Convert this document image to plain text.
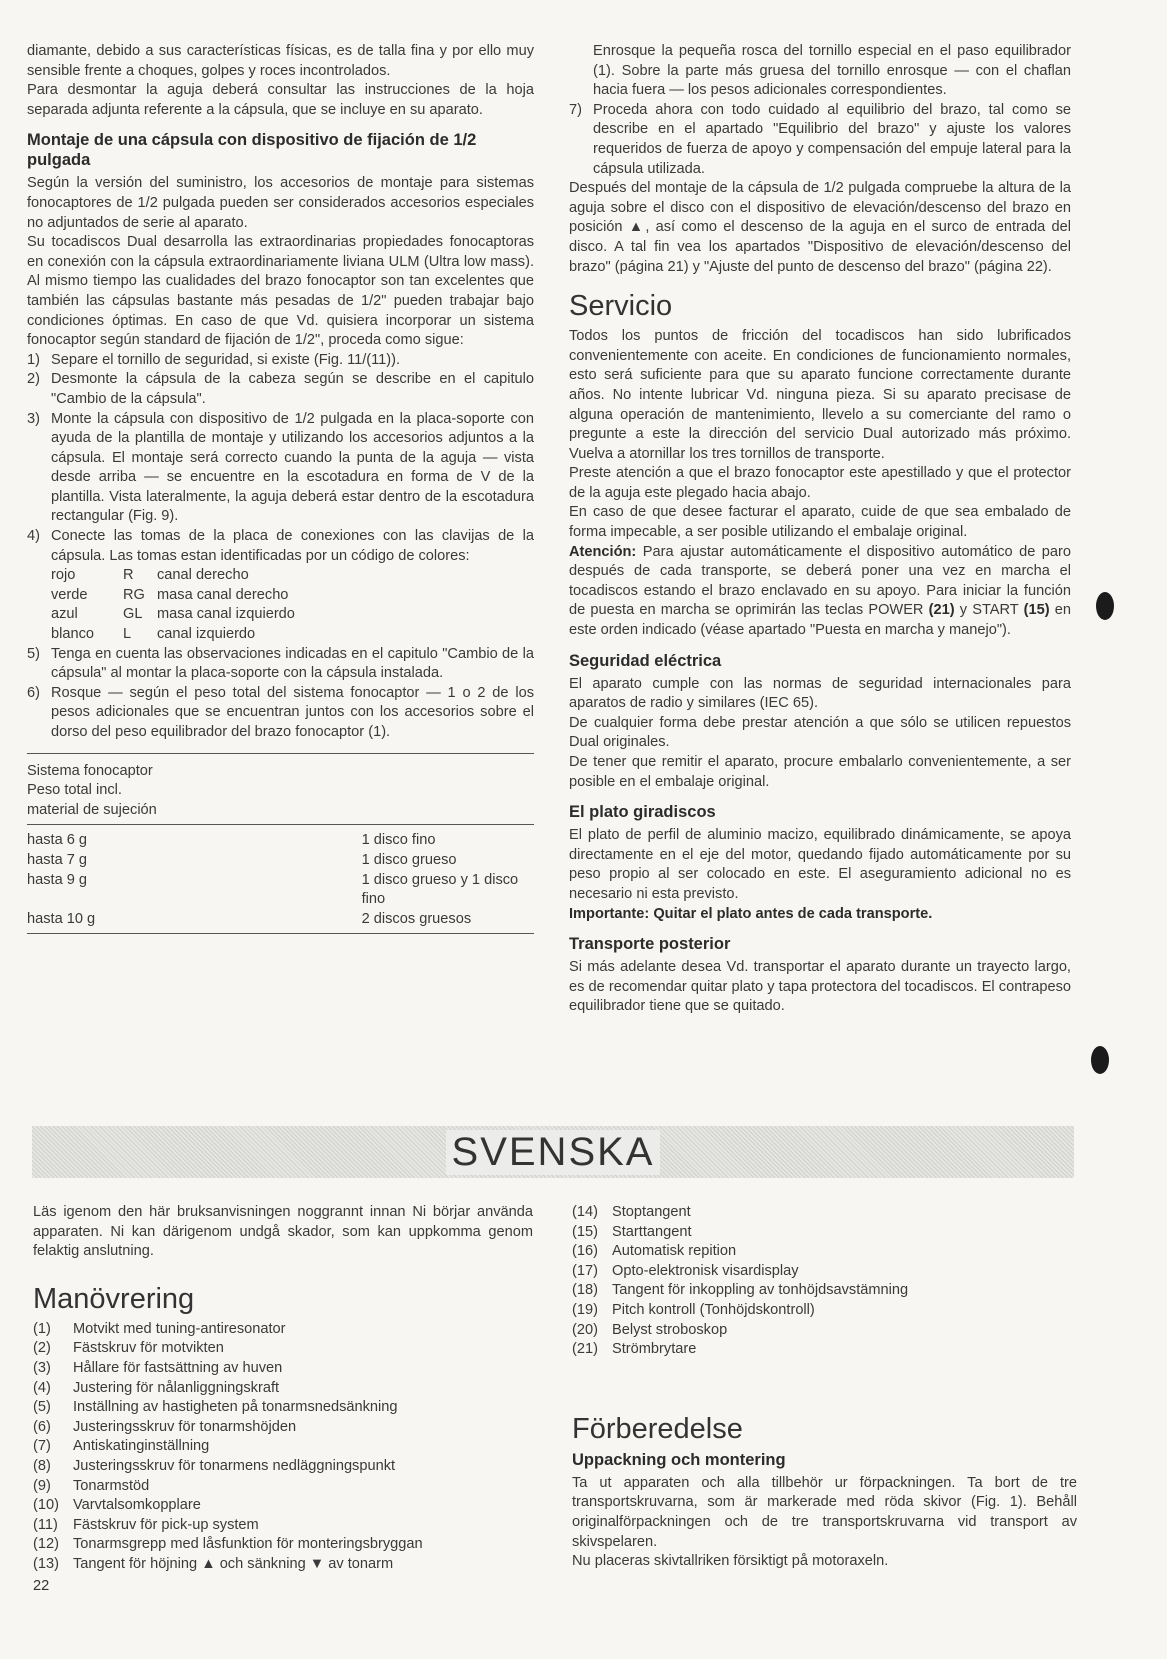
diamante, debido a sus características físicas, es de talla fina y por ello muy sensible frente a choques, golpes y roces incontrolados.

Para desmontar la aguja deberá consultar las instrucciones de la hoja separada adjunta referente a la cápsula, que se incluye en su aparato.

Montaje de una cápsula con dispositivo de fijación de 1/2 pulgada

Según la versión del suministro, los accesorios de montaje para sistemas fonocaptores de 1/2 pulgada pueden ser considerados accesorios especiales no adjuntados de serie al aparato.

Su tocadiscos Dual desarrolla las extraordinarias propiedades fonocaptoras en conexión con la cápsula extraordinariamente liviana ULM (Ultra low mass). Al mismo tiempo las cualidades del brazo fonocaptor son tan excelentes que también las cápsulas bastante más pesadas de 1/2" pueden trabajar bajo condiciones óptimas. En caso de que Vd. quisiera incorporar un sistema fonocaptor según standard de fijación de 1/2", proceda como sigue:

1) Separe el tornillo de seguridad, si existe (Fig. 11/(11)).
2) Desmonte la cápsula de la cabeza según se describe en el capitulo "Cambio de la cápsula".
3) Monte la cápsula con dispositivo de 1/2 pulgada en la placa-soporte con ayuda de la plantilla de montaje y utilizando los accesorios adjuntos a la cápsula. El montaje será correcto cuando la punta de la aguja — vista desde arriba — se encuentre en la escotadura en forma de V de la plantilla. Vista lateralmente, la aguja deberá estar dentro de la escotadura rectangular (Fig. 9).
4) Conecte las tomas de la placa de conexiones con las clavijas de la cápsula. Las tomas estan identificadas por un código de colores:
rojo	R	canal derecho
verde	RG masa canal derecho
azul	GL masa canal izquierdo
blanco	L	canal izquierdo
5) Tenga en cuenta las observaciones indicadas en el capitulo "Cambio de la cápsula" al montar la placa-soporte con la cápsula instalada.
6) Rosque — según el peso total del sistema fonocaptor — 1 o 2 de los pesos adicionales que se encuentran juntos con los accesorios sobre el dorso del peso equilibrador del brazo fonocaptor (1).
Sistema fonocaptor
Peso total incl.
material de sujeción	

hasta 6 g	1 disco fino
hasta 7 g	1 disco grueso
hasta 9 g	1 disco grueso y 1 disco fino
hasta 10 g	2 discos gruesos

Enrosque la pequeña rosca del tornillo especial en el paso equilibrador (1). Sobre la parte más gruesa del tornillo enrosque — con el chaflan hacia fuera — los pesos adicionales correspondientes.

7) Proceda ahora con todo cuidado al equilibrio del brazo, tal como se describe en el apartado "Equilibrio del brazo" y ajuste los valores requeridos de fuerza de apoyo y compensación del empuje lateral para la cápsula utilizada.

Después del montaje de la cápsula de 1/2 pulgada compruebe la altura de la aguja sobre el disco con el dispositivo de elevación/descenso del brazo en posición ▲, así como el descenso de la aguja en el surco de entrada del disco. A tal fin vea los apartados "Dispositivo de elevación/descenso del brazo" (página 21) y "Ajuste del punto de descenso del brazo" (página 22).

Servicio

Todos los puntos de fricción del tocadiscos han sido lubrificados convenientemente con aceite. En condiciones de funcionamiento normales, esto será suficiente para que su aparato funcione correctamente durante años. No intente lubricar Vd. ninguna pieza. Si su aparato precisase de alguna operación de mantenimiento, llevelo a su comerciante del ramo o pregunte a este la dirección del servicio Dual autorizado más próximo. Vuelva a atornillar los tres tornillos de transporte.

Preste atención a que el brazo fonocaptor este apestillado y que el protector de la aguja este plegado hacia abajo.

En caso de que desee facturar el aparato, cuide de que sea embalado de forma impecable, a ser posible utilizando el embalaje original.

Atención: Para ajustar automáticamente el dispositivo automático de paro después de cada transporte, se deberá poner una vez en marcha el tocadiscos estando el brazo enclavado en su apoyo. Para iniciar la función de puesta en marcha se oprimirán las teclas POWER (21) y START (15) en este orden indicado (véase apartado "Puesta en marcha y manejo").

Seguridad eléctrica

El aparato cumple con las normas de seguridad internacionales para aparatos de radio y similares (IEC 65).

De cualquier forma debe prestar atención a que sólo se utilicen repuestos Dual originales.

De tener que remitir el aparato, procure embalarlo convenientemente, a ser posible en el embalaje original.

El plato giradiscos

El plato de perfil de aluminio macizo, equilibrado dinámicamente, se apoya directamente en el eje del motor, quedando fijado automáticamente por su peso propio al ser colocado en este. El aseguramiento adicional no es necesario ni esta previsto.

Importante: Quitar el plato antes de cada transporte.

Transporte posterior

Si más adelante desea Vd. transportar el aparato durante un trayecto largo, es de recomendar quitar plato y tapa protectora del tocadiscos. El contrapeso equilibrador tiene que se quitado.

SVENSKA

Läs igenom den här bruksanvisningen noggrannt innan Ni börjar använda apparaten. Ni kan därigenom undgå skador, som kan uppkomma genom felaktig anslutning.

Manövrering
(1)	Motvikt med tuning-antiresonator
(2)	Fästskruv för motvikten
(3)	Hållare för fastsättning av huven
(4)	Justering för nålanliggningskraft
(5)	Inställning av hastigheten på tonarmsnedsänkning
(6)	Justeringsskruv för tonarmshöjden
(7)	Antiskatinginställning
(8)	Justeringsskruv för tonarmens nedläggningspunkt
(9)	Tonarmstöd
(10) Varvtalsomkopplare
(11)	Fästskruv för pick-up system
(12) Tonarmsgrepp med låsfunktion för monteringsbryggan
(13) Tangent för höjning ▲ och sänkning ▼ av tonarm
(14) Stoptangent
(15) Starttangent
(16) Automatisk repition
(17) Opto-elektronisk visardisplay
(18) Tangent för inkoppling av tonhöjdsavstämning
(19) Pitch kontroll (Tonhöjdskontroll)
(20) Belyst stroboskop
(21) Strömbrytare
Förberedelse
Uppackning och montering

Ta ut apparaten och alla tillbehör ur förpackningen. Ta bort de tre transportskruvarna, som är markerade med röda skivor (Fig. 1). Behåll originalförpackningen och de tre transportskruvarna vid transport av skivspelaren.

Nu placeras skivtallriken försiktigt på motoraxeln.

22
